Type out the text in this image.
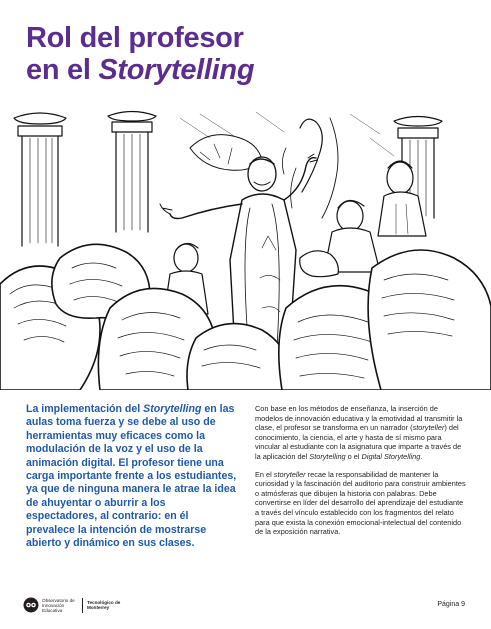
Rol del profesor
en el Storytelling

La implementación del Storytelling en las aulas toma fuerza y se debe al uso de herramientas muy eficaces como la modulación de la voz y el uso de la animación digital. El profesor tiene una carga importante frente a los estudiantes, ya que de ninguna manera le atrae la idea de ahuyentar o aburrir a los espectadores, al contrario: en él prevalece la intención de mostrarse abierto y dinámico en sus clases.

Con base en los métodos de enseñanza, la inserción de modelos de innovación educativa y la emotividad al transmitir la clase, el profesor se transforma en un narrador (storyteller) del conocimiento, la ciencia, el arte y hasta de sí mismo para vincular al estudiante con la asignatura que imparte a través de la aplicación del Storytelling o el Digital Storytelling.

En el storyteller recae la responsabilidad de mantener la curiosidad y la fascinación del auditorio para construir ambientes o atmósferas que dibujen la historia con palabras. Debe convertirse en líder del desarrollo del aprendizaje del estudiante a través del vínculo establecido con los fragmentos del relato para que exista la conexión emocional-intelectual del contenido de la exposición narrativa.

Observatorio de Innovación Educativa
Tecnológico de Monterrey	Página 9
